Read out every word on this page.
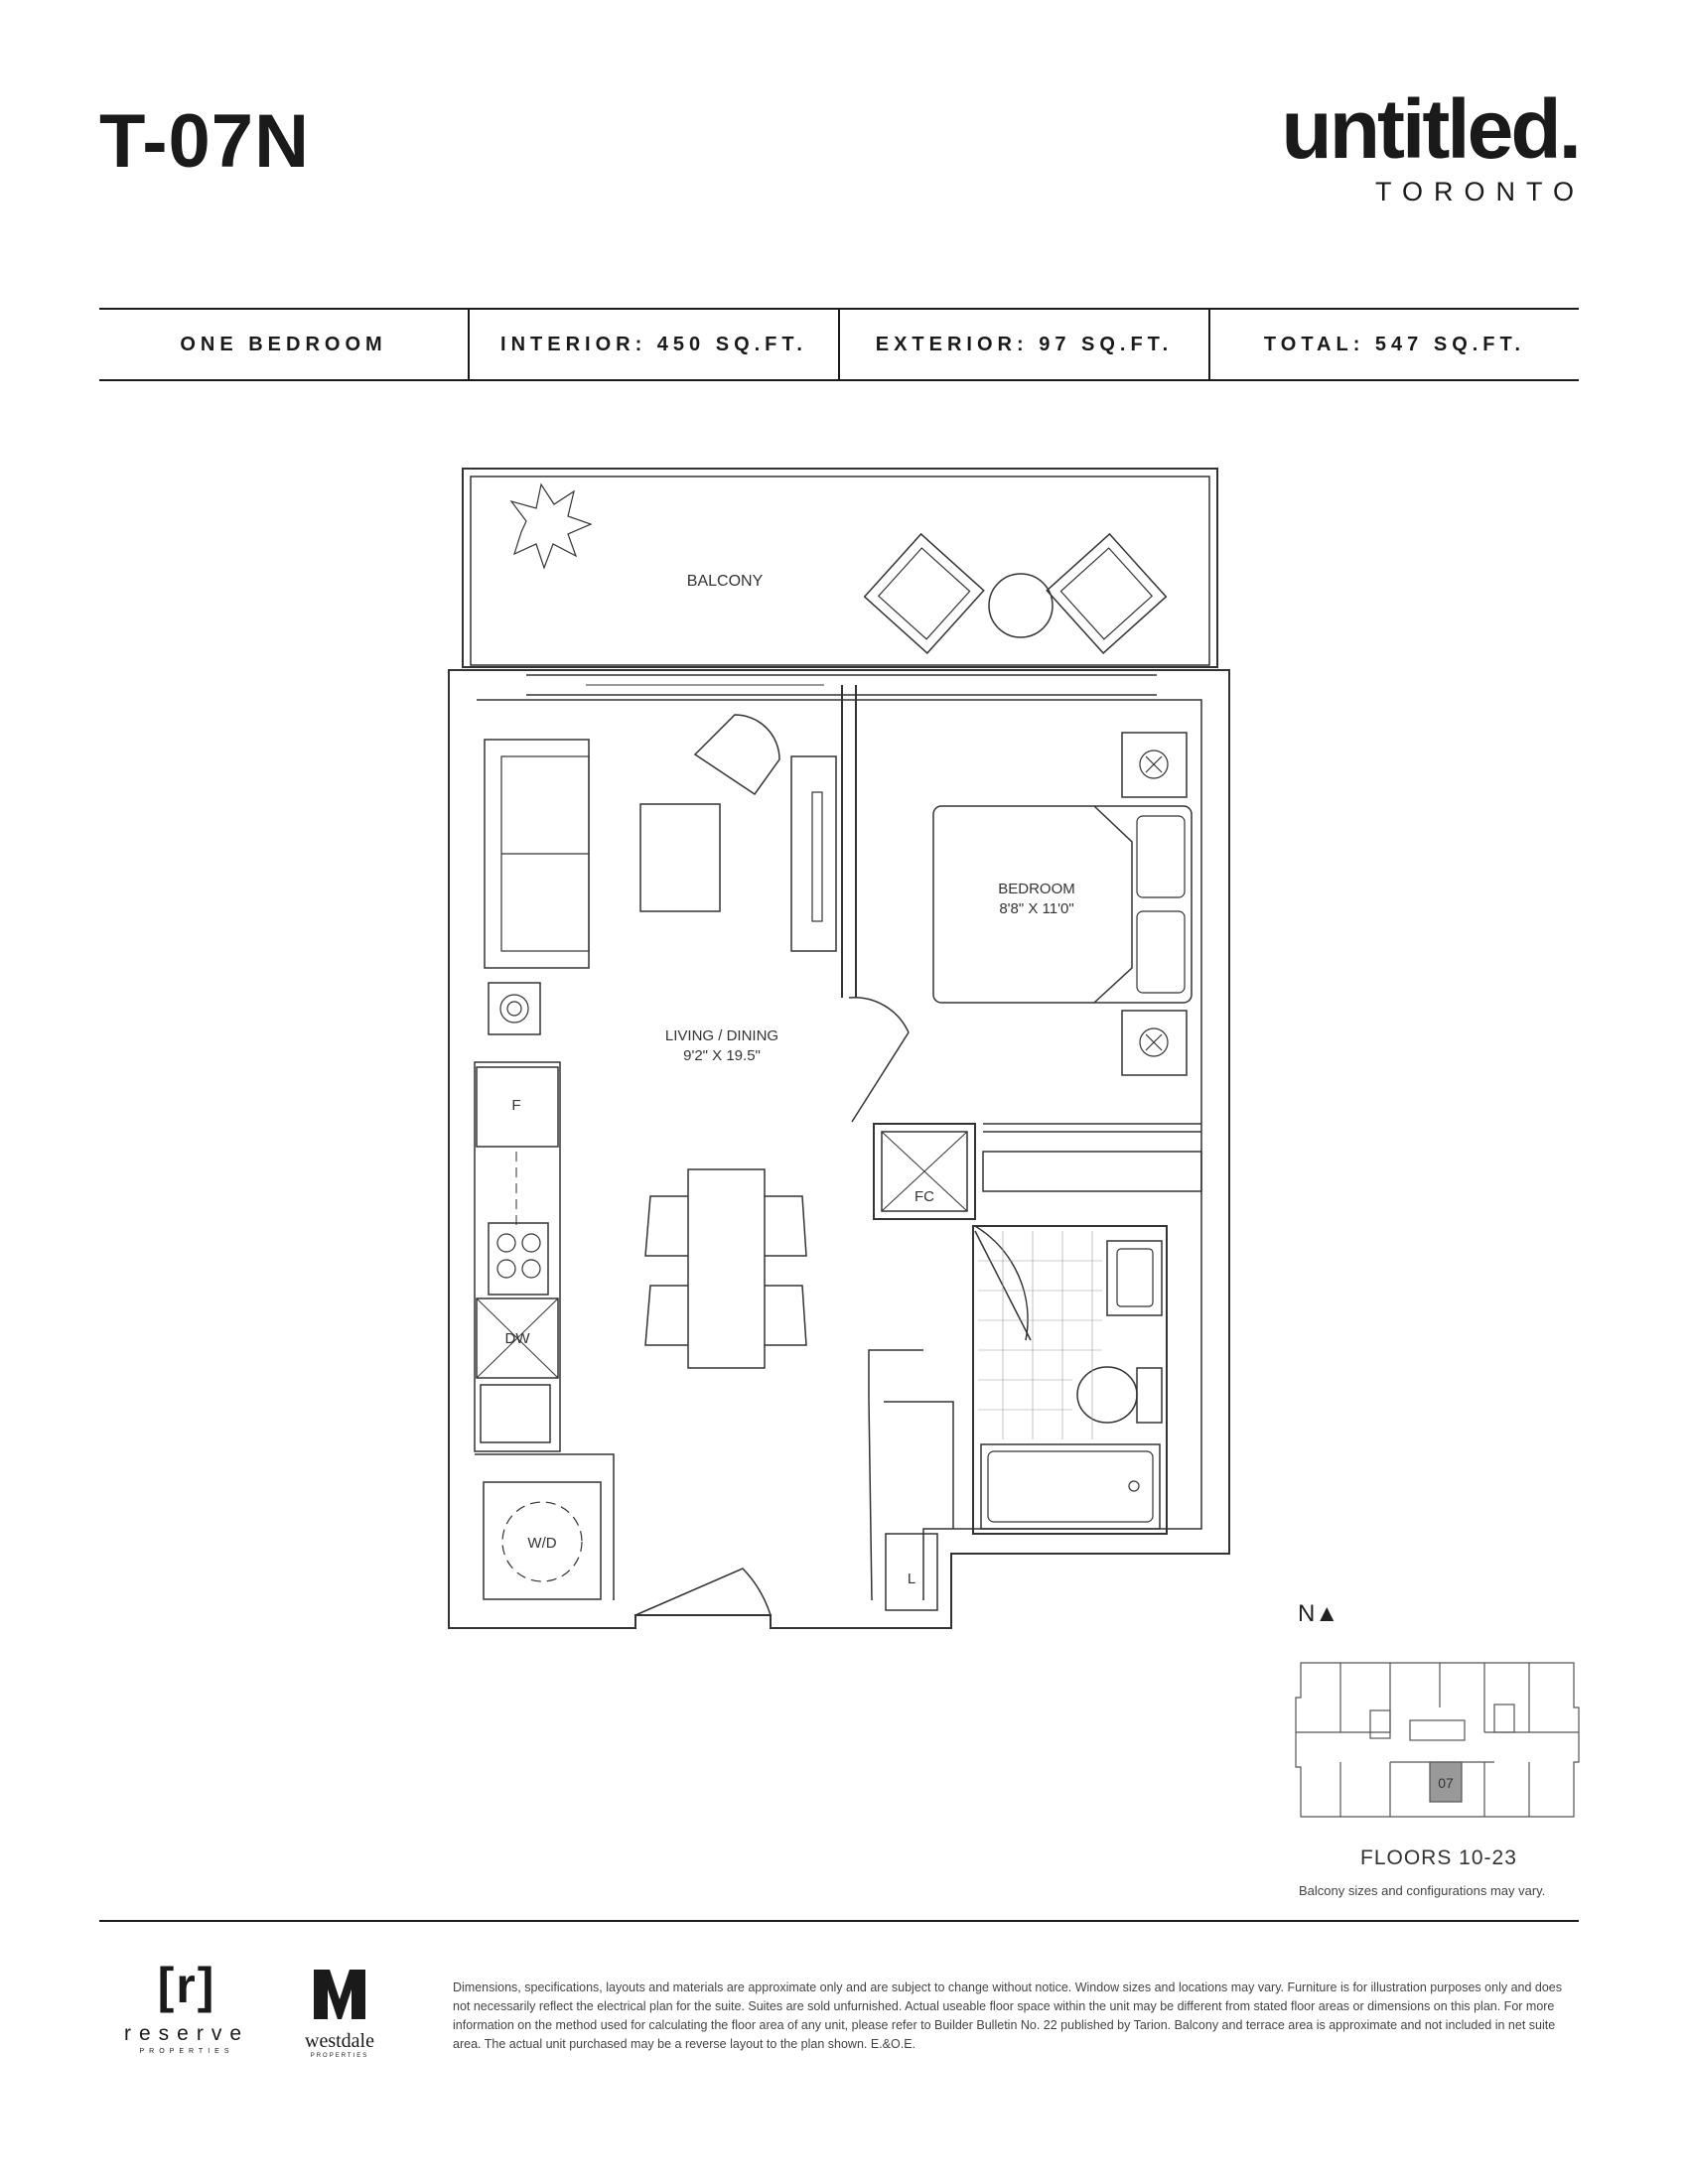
T-07N	untitled.
TORONTO
ONE BEDROOM	INTERIOR: 450 SQ.FT.	EXTERIOR: 97 SQ.FT.	TOTAL: 547 SQ.FT.
BALCONY
BEDROOM
8'8" X 11'0"
LIVING / DINING
9'2" X 19.5"
F
DW
W/D
FC
L
N▲
07
FLOORS 10-23
Balcony sizes and configurations may vary.
[r]
reserve
PROPERTIES	westdale
PROPERTIES
Dimensions, specifications, layouts and materials are approximate only and are subject to change without notice. Window sizes and locations may vary. Furniture is for illustration purposes only and does not necessarily reflect the electrical plan for the suite. Suites are sold unfurnished. Actual useable floor space within the unit may be different from stated floor areas or dimensions on this plan. For more information on the method used for calculating the floor area of any unit, please refer to Builder Bulletin No. 22 published by Tarion. Balcony and terrace area is approximate and not included in net suite area. The actual unit purchased may be a reverse layout to the plan shown. E.&O.E.
